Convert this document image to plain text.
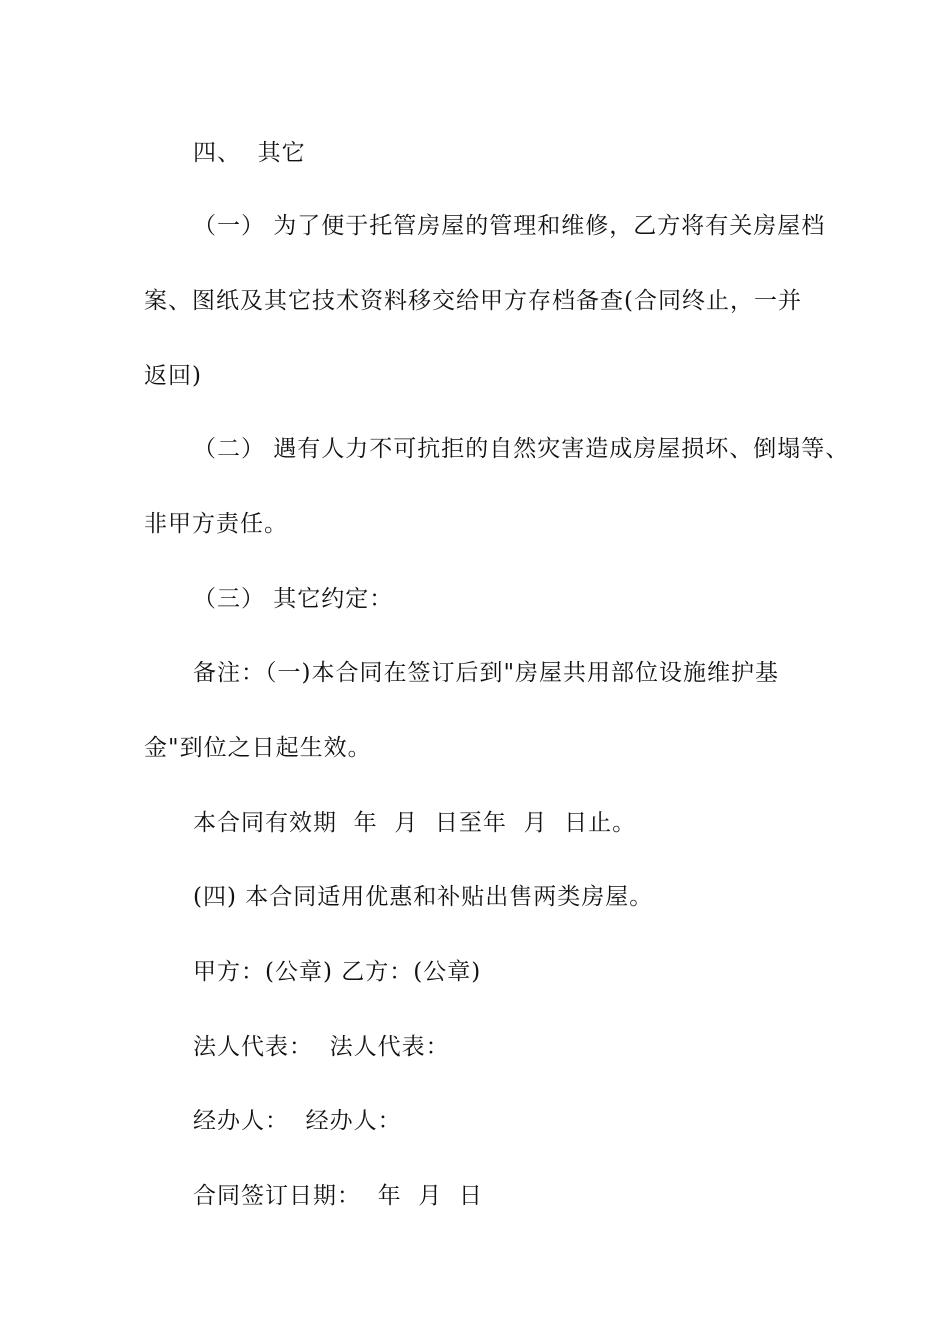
四、  其它
（一） 为了便于托管房屋的管理和维修，乙方将有关房屋档
案、图纸及其它技术资料移交给甲方存档备查(合同终止，一并
返回)
（二） 遇有人力不可抗拒的自然灾害造成房屋损坏、倒塌等、
非甲方责任。
（三） 其它约定：
备注：（一)本合同在签订后到"房屋共用部位设施维护基
金"到位之日起生效。
本合同有效期  年  月  日至年  月  日止。
(四) 本合同适用优惠和补贴出售两类房屋。
甲方：(公章) 乙方：(公章)
法人代表：  法人代表：
经办人：  经办人：
合同签订日期：  年  月  日
